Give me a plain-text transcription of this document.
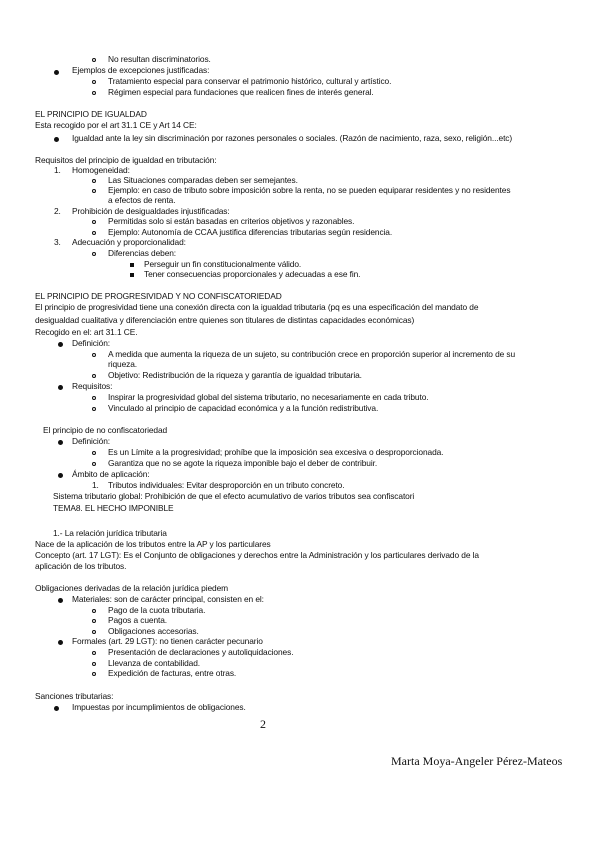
No resultan discriminatorios.
Ejemplos de excepciones justificadas:
Tratamiento especial para conservar el patrimonio histórico, cultural y artístico.
Régimen especial para fundaciones que realicen fines de interés general.
EL PRINCIPIO DE IGUALDAD
Esta recogido por el art 31.1 CE y Art 14 CE:
Igualdad ante la ley sin discriminación por razones personales o sociales. (Razón de nacimiento, raza, sexo, religión...etc)
Requisitos del principio de igualdad en tributación:
1. Homogeneidad:
Las Situaciones comparadas deben ser semejantes.
Ejemplo: en caso de tributo sobre imposición sobre la renta, no se pueden equiparar residentes y no residentes
a efectos de renta.
2. Prohibición de desigualdades injustificadas:
Permitidas solo si están basadas en criterios objetivos y razonables.
Ejemplo: Autonomía de CCAA justifica diferencias tributarias según residencia.
3. Adecuación y proporcionalidad:
Diferencias deben:
Perseguir un fin constitucionalmente válido.
Tener consecuencias proporcionales y adecuadas a ese fin.
EL PRINCIPIO DE PROGRESIVIDAD Y NO CONFISCATORIEDAD
El principio de progresividad tiene una conexión directa con la igualdad tributaria (pq es una especificación del mandato de
desigualdad cualitativa y diferenciación entre quienes son titulares de distintas capacidades económicas)
Recogido en el: art 31.1 CE.
Definición:
A medida que aumenta la riqueza de un sujeto, su contribución crece en proporción superior al incremento de su
riqueza.
Objetivo: Redistribución de la riqueza y garantía de igualdad tributaria.
Requisitos:
Inspirar la progresividad global del sistema tributario, no necesariamente en cada tributo.
Vinculado al principio de capacidad económica y a la función redistributiva.
El principio de no confiscatoriedad
Definición:
Es un Límite a la progresividad; prohíbe que la imposición sea excesiva o desproporcionada.
Garantiza que no se agote la riqueza imponible bajo el deber de contribuir.
Ámbito de aplicación:
1. Tributos individuales: Evitar desproporción en un tributo concreto.
Sistema tributario global: Prohibición de que el efecto acumulativo de varios tributos sea confiscatori
TEMA8. EL HECHO IMPONIBLE
1.- La relación jurídica tributaria
Nace de la aplicación de los tributos entre la AP y los particulares
Concepto (art. 17 LGT): Es el Conjunto de obligaciones y derechos entre la Administración y los particulares derivado de la
aplicación de los tributos.
Obligaciones derivadas de la relación jurídica piedem
Materiales: son de carácter principal, consisten en el:
Pago de la cuota tributaria.
Pagos a cuenta.
Obligaciones accesorias.
Formales (art. 29 LGT): no tienen carácter pecunario
Presentación de declaraciones y autoliquidaciones.
Llevanza de contabilidad.
Expedición de facturas, entre otras.
Sanciones tributarias:
Impuestas por incumplimientos de obligaciones.
2
Marta Moya-Angeler Pérez-Mateos
